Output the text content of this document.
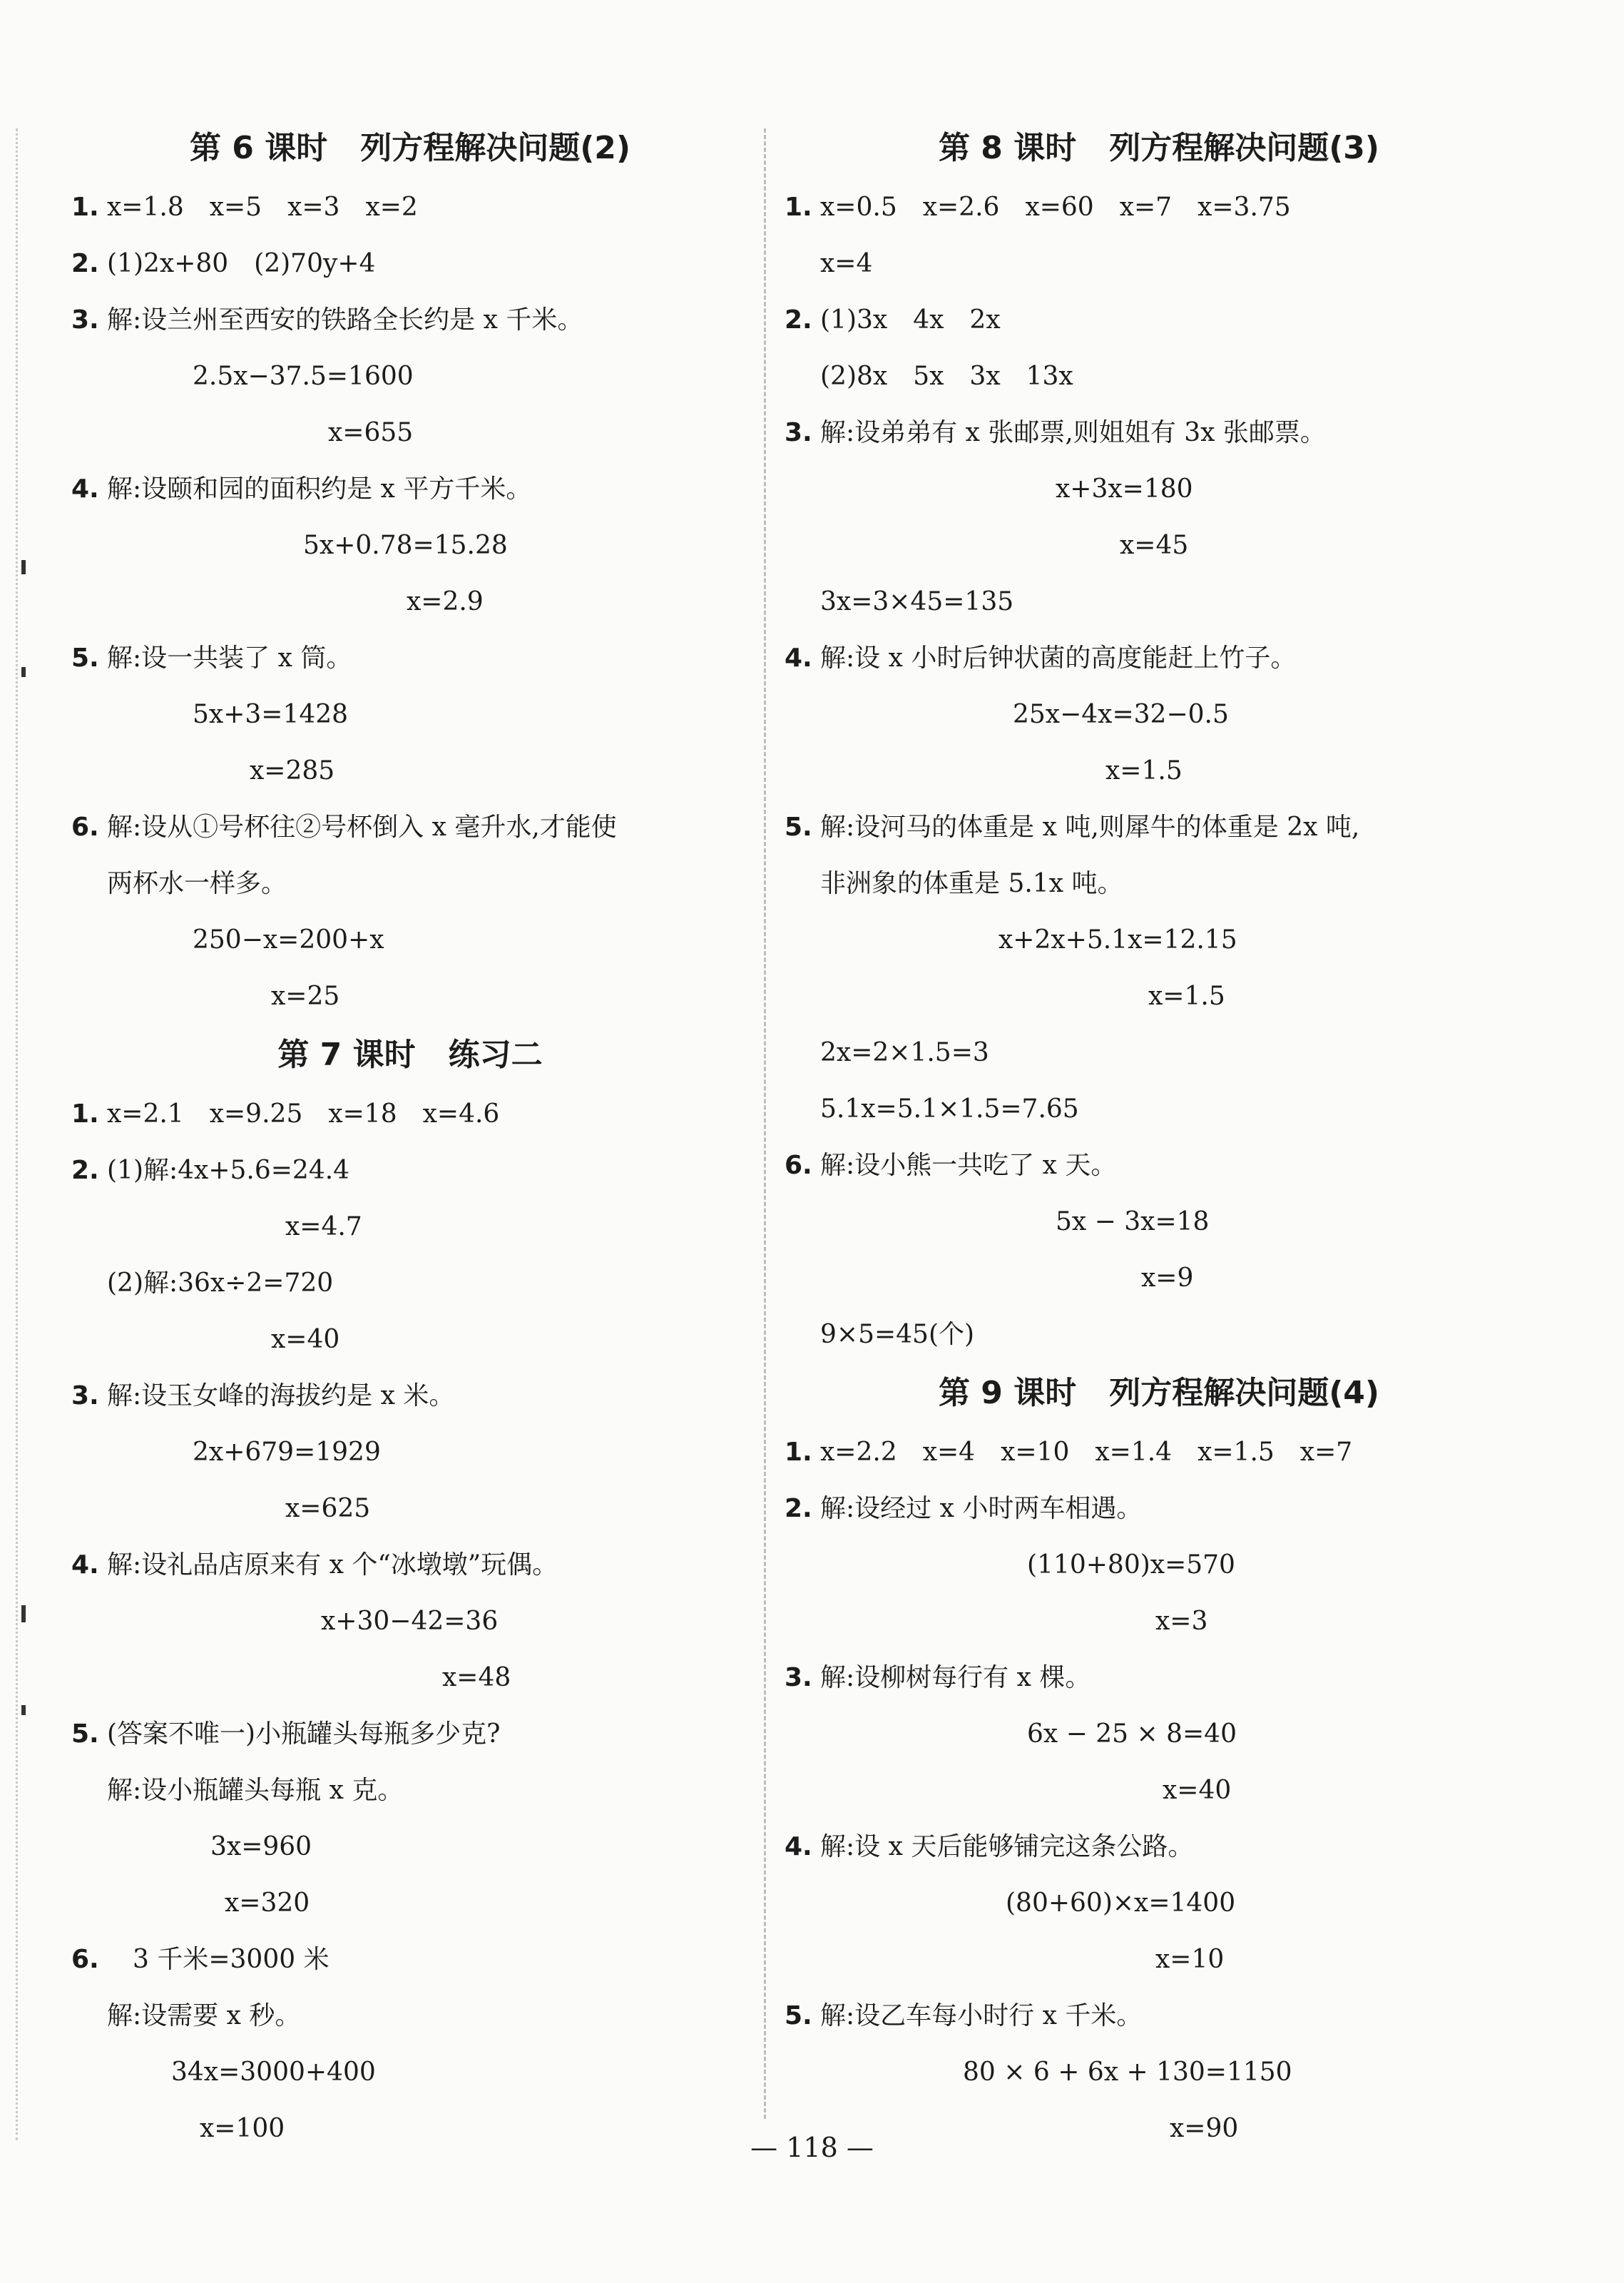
第 6 课时 列方程解决问题(2)
1. x=1.8　x=5　x=3　x=2
2. (1)2x+80　(2)70y+4
3. 解:设兰州至西安的铁路全长约是 x 千米。
2.5x−37.5=1600
x=655
4. 解:设颐和园的面积约是 x 平方千米。
5x+0.78=15.28
x=2.9
5. 解:设一共装了 x 筒。
5x+3=1428
x=285
6. 解:设从①号杯往②号杯倒入 x 毫升水,才能使
两杯水一样多。
250−x=200+x
x=25
第 7 课时 练习二
1. x=2.1　x=9.25　x=18　x=4.6
2. (1)解:4x+5.6=24.4
x=4.7
(2)解:36x÷2=720
x=40
3. 解:设玉女峰的海拔约是 x 米。
2x+679=1929
x=625
4. 解:设礼品店原来有 x 个“冰墩墩”玩偶。
x+30−42=36
x=48
5. (答案不唯一)小瓶罐头每瓶多少克?
解:设小瓶罐头每瓶 x 克。
3x=960
x=320
6.　3 千米=3000 米
解:设需要 x 秒。
34x=3000+400
x=100
第 8 课时 列方程解决问题(3)
1. x=0.5　x=2.6　x=60　x=7　x=3.75
x=4
2. (1)3x　4x　2x
(2)8x　5x　3x　13x
3. 解:设弟弟有 x 张邮票,则姐姐有 3x 张邮票。
x+3x=180
x=45
3x=3×45=135
4. 解:设 x 小时后钟状菌的高度能赶上竹子。
25x−4x=32−0.5
x=1.5
5. 解:设河马的体重是 x 吨,则犀牛的体重是 2x 吨,
非洲象的体重是 5.1x 吨。
x+2x+5.1x=12.15
x=1.5
2x=2×1.5=3
5.1x=5.1×1.5=7.65
6. 解:设小熊一共吃了 x 天。
5x − 3x=18
x=9
9×5=45(个)
第 9 课时 列方程解决问题(4)
1. x=2.2　x=4　x=10　x=1.4　x=1.5　x=7
2. 解:设经过 x 小时两车相遇。
(110+80)x=570
x=3
3. 解:设柳树每行有 x 棵。
6x − 25 × 8=40
x=40
4. 解:设 x 天后能够铺完这条公路。
(80+60)×x=1400
x=10
5. 解:设乙车每小时行 x 千米。
80 × 6 + 6x + 130=1150
x=90
— 118 —
